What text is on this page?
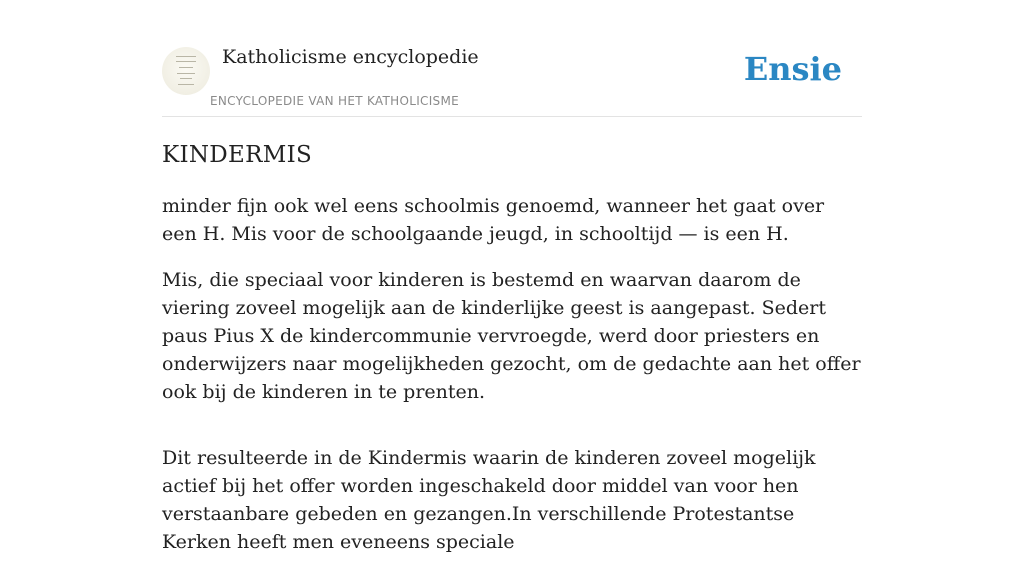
Katholicisme encyclopedie
ENCYCLOPEDIE VAN HET KATHOLICISME
Ensie
KINDERMIS

minder fijn ook wel eens schoolmis genoemd, wanneer het gaat over een H. Mis voor de schoolgaande jeugd, in schooltijd — is een H.

Mis, die speciaal voor kinderen is bestemd en waarvan daarom de viering zoveel mogelijk aan de kinderlijke geest is aangepast. Sedert paus Pius X de kindercommunie vervroegde, werd door priesters en onderwijzers naar mogelijkheden gezocht, om de gedachte aan het offer ook bij de kinderen in te prenten.

Dit resulteerde in de Kindermis waarin de kinderen zoveel mogelijk actief bij het offer worden ingeschakeld door middel van voor hen verstaanbare gebeden en gezangen.In verschillende Protestantse Kerken heeft men eveneens speciale
